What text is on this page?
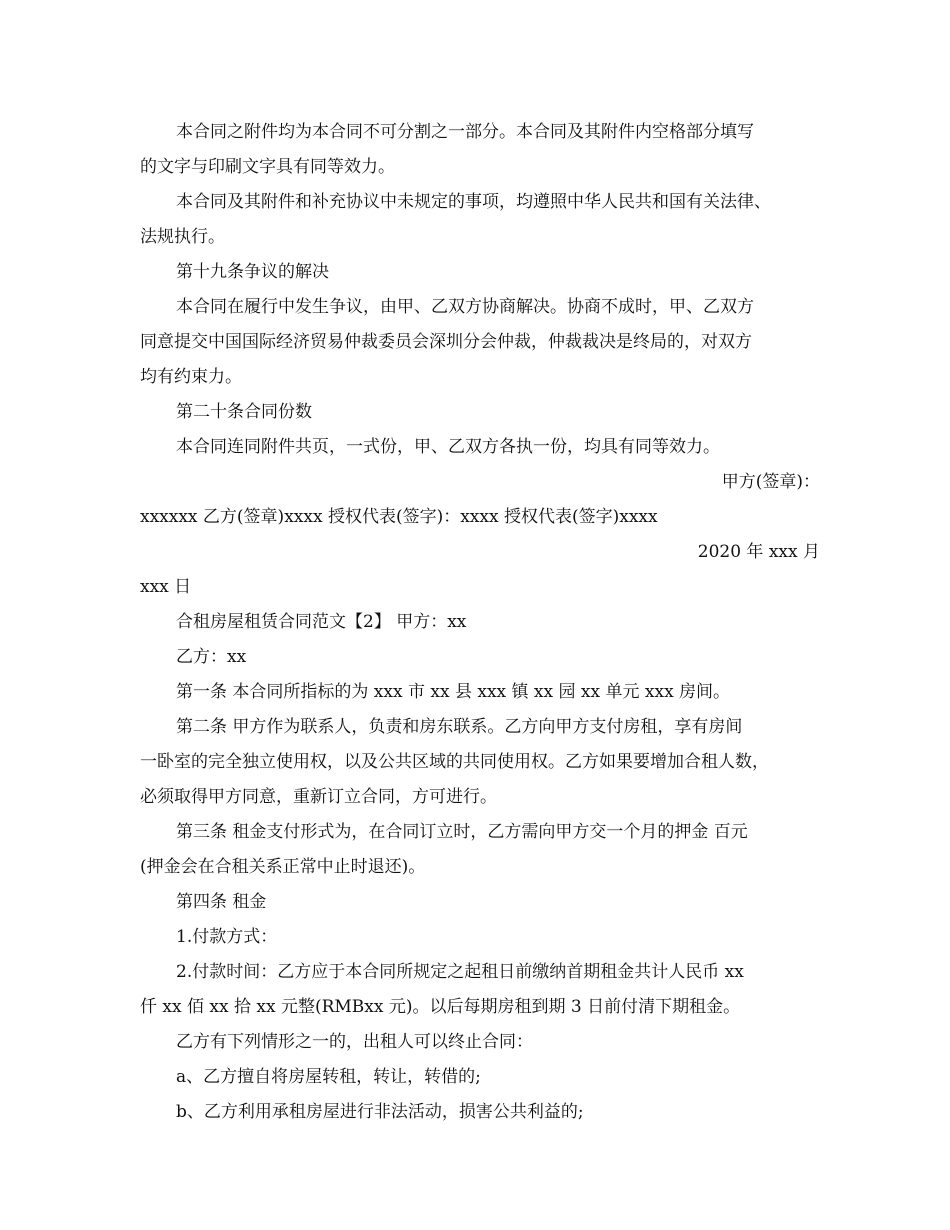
本合同之附件均为本合同不可分割之一部分。本合同及其附件内空格部分填写
的文字与印刷文字具有同等效力。
本合同及其附件和补充协议中未规定的事项，均遵照中华人民共和国有关法律、
法规执行。
第十九条争议的解决
本合同在履行中发生争议，由甲、乙双方协商解决。协商不成时，甲、乙双方
同意提交中国国际经济贸易仲裁委员会深圳分会仲裁，仲裁裁决是终局的，对双方
均有约束力。
第二十条合同份数
本合同连同附件共页，一式份，甲、乙双方各执一份，均具有同等效力。
甲方(签章)：
xxxxxx 乙方(签章)xxxx 授权代表(签字)：xxxx 授权代表(签字)xxxx
2020 年 xxx 月
xxx 日
合租房屋租赁合同范文【2】 甲方：xx
乙方：xx
第一条 本合同所指标的为 xxx 市 xx 县 xxx 镇 xx 园 xx 单元 xxx 房间。
第二条 甲方作为联系人，负责和房东联系。乙方向甲方支付房租，享有房间
一卧室的完全独立使用权，以及公共区域的共同使用权。乙方如果要增加合租人数，
必须取得甲方同意，重新订立合同，方可进行。
第三条 租金支付形式为，在合同订立时，乙方需向甲方交一个月的押金 百元
(押金会在合租关系正常中止时退还)。
第四条 租金
1.付款方式：
2.付款时间：乙方应于本合同所规定之起租日前缴纳首期租金共计人民币 xx
仟 xx 佰 xx 拾 xx 元整(RMBxx 元)。以后每期房租到期 3 日前付清下期租金。
乙方有下列情形之一的，出租人可以终止合同：
a、乙方擅自将房屋转租，转让，转借的;
b、乙方利用承租房屋进行非法活动，损害公共利益的;
